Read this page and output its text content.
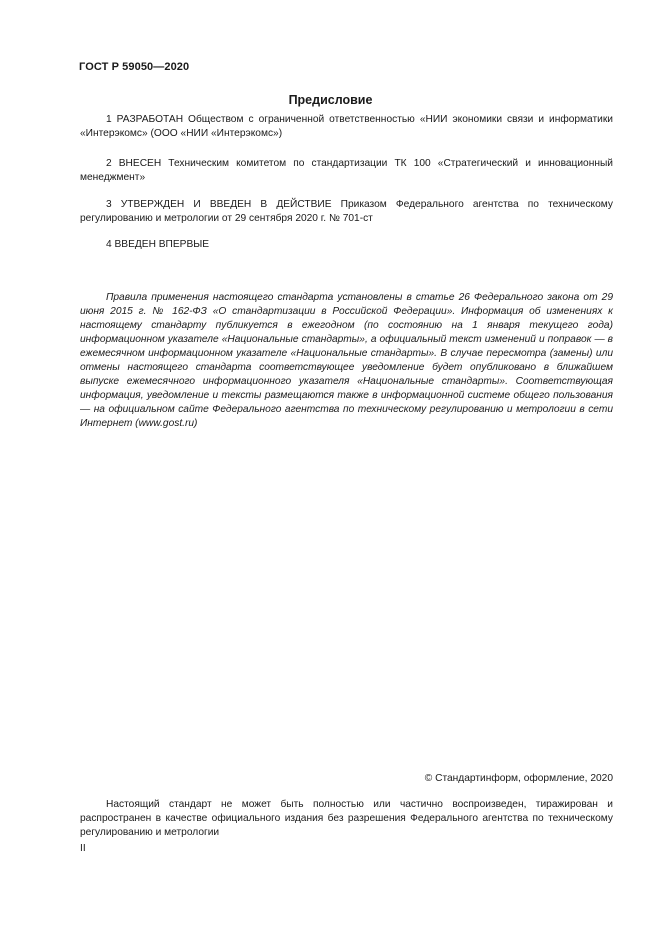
ГОСТ Р 59050—2020
Предисловие

1 РАЗРАБОТАН Обществом с ограниченной ответственностью «НИИ экономики связи и информатики «Интерэкомс» (ООО «НИИ «Интерэкомс»)

2 ВНЕСЕН Техническим комитетом по стандартизации ТК 100 «Стратегический и инновационный менеджмент»

3 УТВЕРЖДЕН И ВВЕДЕН В ДЕЙСТВИЕ Приказом Федерального агентства по техническому регулированию и метрологии от 29 сентября 2020 г. № 701-ст

4 ВВЕДЕН ВПЕРВЫЕ

Правила применения настоящего стандарта установлены в статье 26 Федерального закона от 29 июня 2015 г. № 162-ФЗ «О стандартизации в Российской Федерации». Информация об изменениях к настоящему стандарту публикуется в ежегодном (по состоянию на 1 января текущего года) информационном указателе «Национальные стандарты», а официальный текст изменений и поправок — в ежемесячном информационном указателе «Национальные стандарты». В случае пересмотра (замены) или отмены настоящего стандарта соответствующее уведомление будет опубликовано в ближайшем выпуске ежемесячного информационного указателя «Национальные стандарты». Соответствующая информация, уведомление и тексты размещаются также в информационной системе общего пользования — на официальном сайте Федерального агентства по техническому регулированию и метрологии в сети Интернет (www.gost.ru)

© Стандартинформ, оформление, 2020

Настоящий стандарт не может быть полностью или частично воспроизведен, тиражирован и распространен в качестве официального издания без разрешения Федерального агентства по техническому регулированию и метрологии

II
